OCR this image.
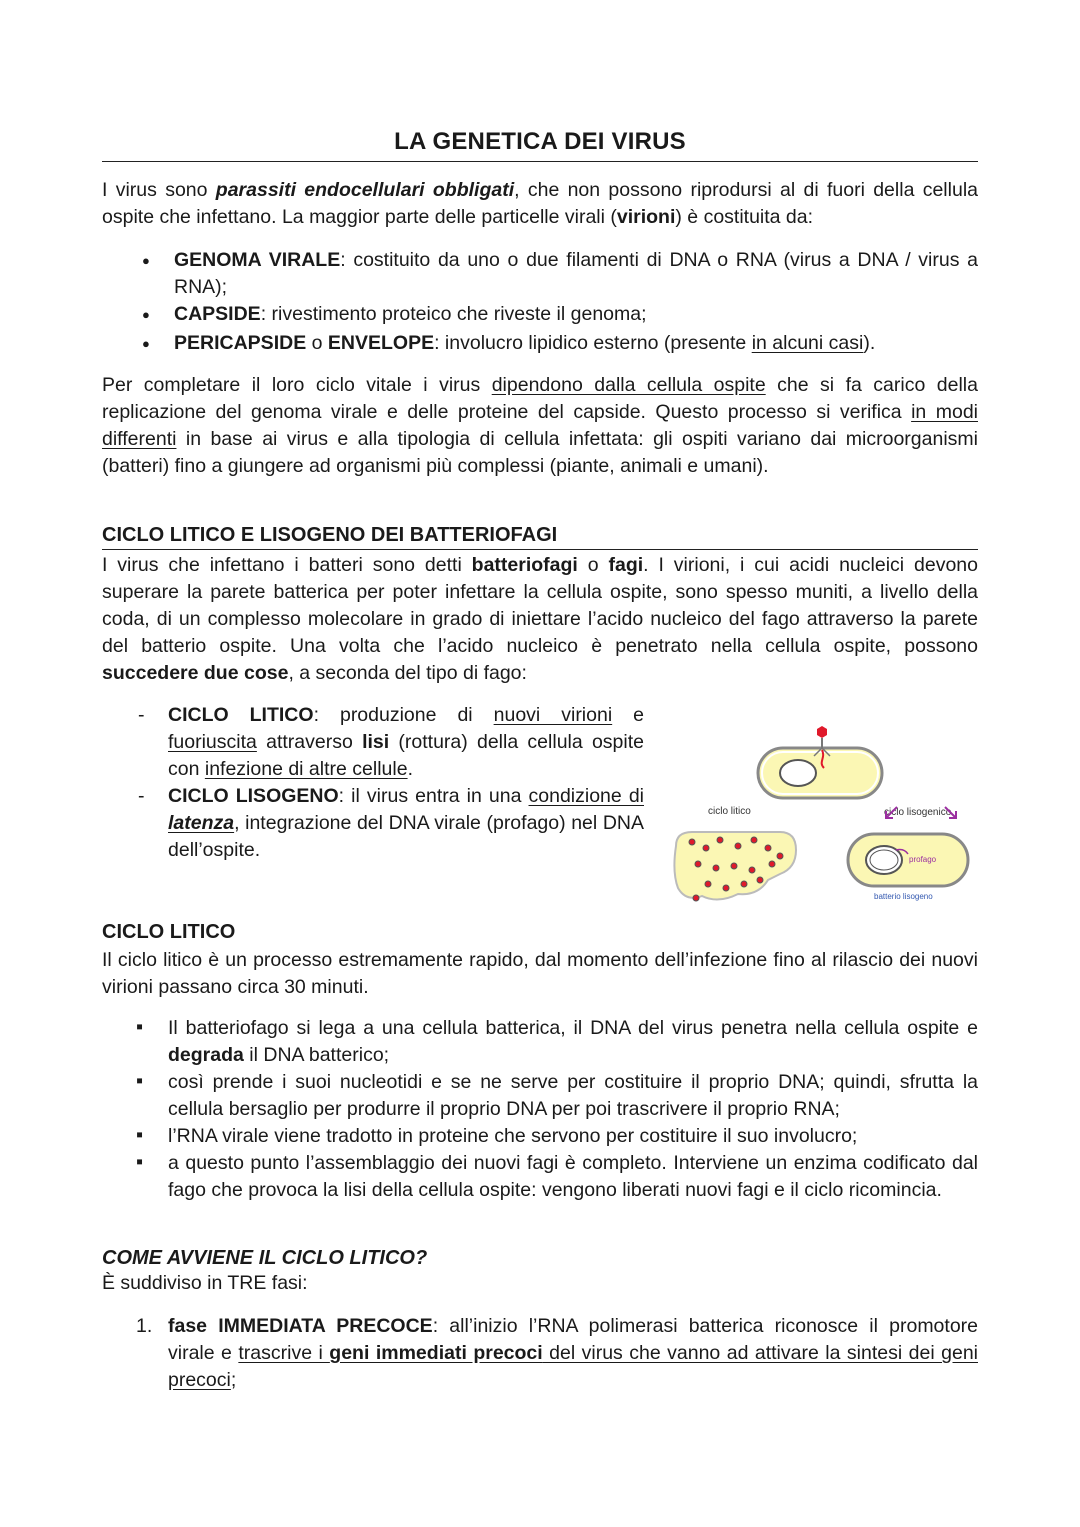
LA GENETICA DEI VIRUS
I virus sono parassiti endocellulari obbligati, che non possono riprodursi al di fuori della cellula ospite che infettano. La maggior parte delle particelle virali (virioni) è costituita da:
● GENOMA VIRALE: costituito da uno o due filamenti di DNA o RNA (virus a DNA / virus a RNA);
● CAPSIDE: rivestimento proteico che riveste il genoma;
● PERICAPSIDE o ENVELOPE: involucro lipidico esterno (presente in alcuni casi).
Per completare il loro ciclo vitale i virus dipendono dalla cellula ospite che si fa carico della replicazione del genoma virale e delle proteine del capside. Questo processo si verifica in modi differenti in base ai virus e alla tipologia di cellula infettata: gli ospiti variano dai microorganismi (batteri) fino a giungere ad organismi più complessi (piante, animali e umani).
CICLO LITICO E LISOGENO DEI BATTERIOFAGI
I virus che infettano i batteri sono detti batteriofagi o fagi. I virioni, i cui acidi nucleici devono superare la parete batterica per poter infettare la cellula ospite, sono spesso muniti, a livello della coda, di un complesso molecolare in grado di iniettare l’acido nucleico del fago attraverso la parete del batterio ospite. Una volta che l’acido nucleico è penetrato nella cellula ospite, possono succedere due cose, a seconda del tipo di fago:
- CICLO LITICO: produzione di nuovi virioni e fuoriuscita attraverso lisi (rottura) della cellula ospite con infezione di altre cellule.
- CICLO LISOGENO: il virus entra in una condizione di latenza, integrazione del DNA virale (profago) nel DNA dell’ospite.
ciclo litico	ciclo lisogenico
profago
batterio lisogeno
CICLO LITICO
Il ciclo litico è un processo estremamente rapido, dal momento dell’infezione fino al rilascio dei nuovi virioni passano circa 30 minuti.
▪ Il batteriofago si lega a una cellula batterica, il DNA del virus penetra nella cellula ospite e degrada il DNA batterico;
▪ così prende i suoi nucleotidi e se ne serve per costituire il proprio DNA; quindi, sfrutta la cellula bersaglio per produrre il proprio DNA per poi trascrivere il proprio RNA;
▪ l’RNA virale viene tradotto in proteine che servono per costituire il suo involucro;
▪ a questo punto l’assemblaggio dei nuovi fagi è completo. Interviene un enzima codificato dal fago che provoca la lisi della cellula ospite: vengono liberati nuovi fagi e il ciclo ricomincia.
COME AVVIENE IL CICLO LITICO?
È suddiviso in TRE fasi:
1. fase IMMEDIATA PRECOCE: all’inizio l’RNA polimerasi batterica riconosce il promotore virale e trascrive i geni immediati precoci del virus che vanno ad attivare la sintesi dei geni precoci;
